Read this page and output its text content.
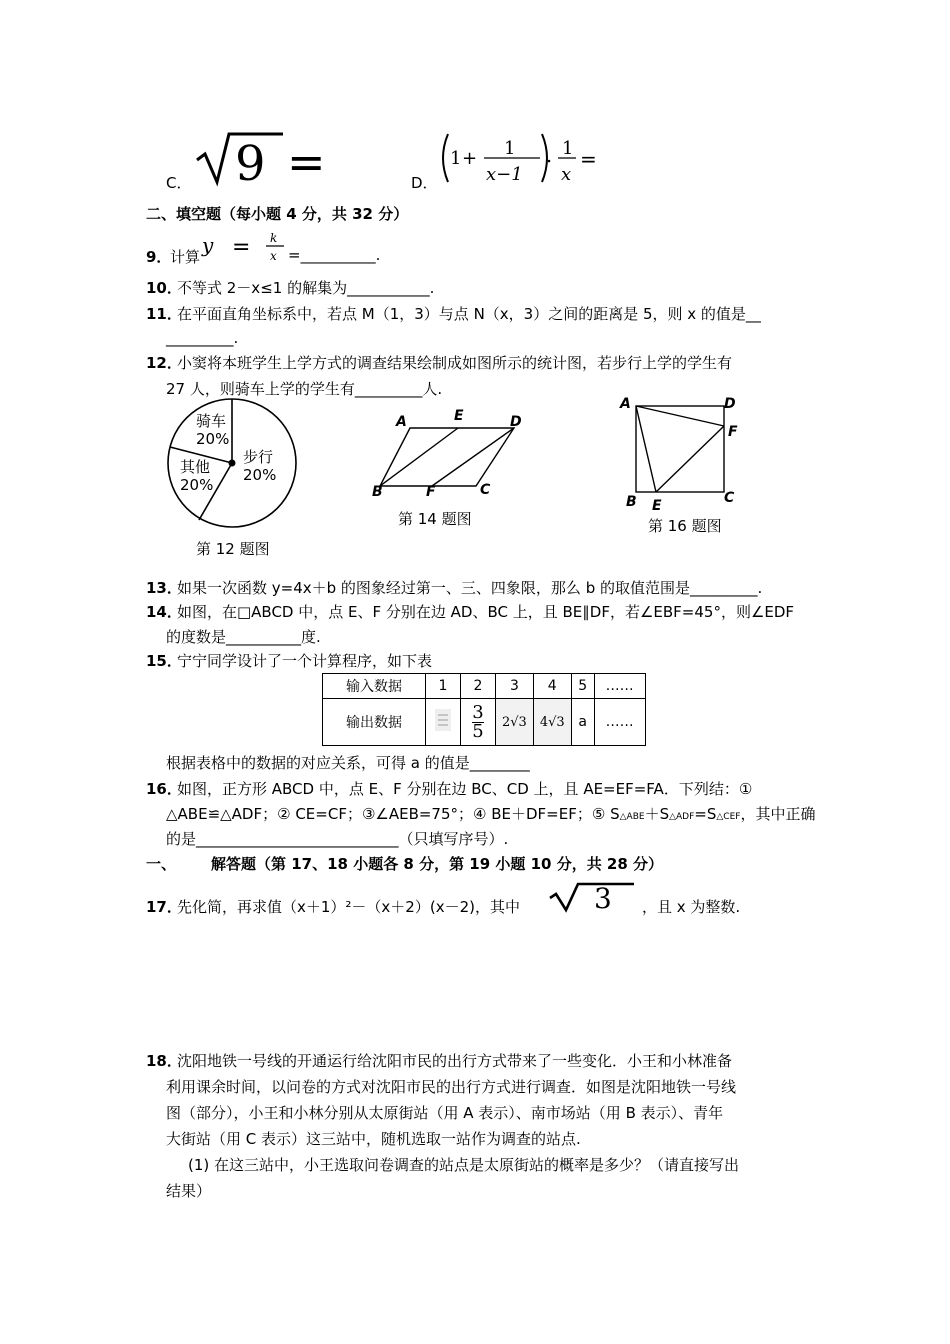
C． 9 =	D．
1 + 1
x−1
1
x
=
二、填空题（每小题 4 分，共 32 分）
9．
计算 y = k
x =__________.
10．
不等式 2－x≤1 的解集为___________.
11．
在平面直角坐标系中，若点 M（1，3）与点 N（x，3）之间的距离是 5，则 x 的值是__
_________.
12．
小窦将本班学生上学方式的调查结果绘制成如图所示的统计图，若步行上学的学生有
27 人，则骑车上学的学生有_________人.
骑车
20%
步行
20%
其他
20%
第 12 题图
A	E	D
B	F	C
第 14 题图
A	D
F
B E	C
第 16 题图
13．
如果一次函数 y=4x＋b 的图象经过第一、三、四象限，那么 b 的取值范围是_________.
14．
如图，在□ABCD 中，点 E、F 分别在边 AD、BC 上，且 BE∥DF，若∠EBF=45°，则∠EDF
的度数是__________度.
15．
宁宁同学设计了一个计算程序，如下表
输入数据	1	2	3	4	5	……
输出数据		$\frac{3}{5}$	2√3	4√3	a	……
根据表格中的数据的对应关系，可得 a 的值是________
16．
如图，正方形 ABCD 中，点 E、F 分别在边 BC、CD 上，且 AE=EF=FA．下列结：①
△ABE≌△ADF；② CE=CF；③∠AEB=75°；④ BE＋DF=EF；⑤ S△ABE＋S△ADF=S△CEF，其中正确
的是___________________________（只填写序号）.
一、 解答题（第 17、18 小题各 8 分，第 19 小题 10 分，共 28 分）
17．
先化简，再求值（x＋1）²－（x＋2）(x－2)，其中	3 ，且 x 为整数.
18．
沈阳地铁一号线的开通运行给沈阳市民的出行方式带来了一些变化．小王和小林准备
利用课余时间，以问卷的方式对沈阳市民的出行方式进行调查．如图是沈阳地铁一号线
图（部分），小王和小林分别从太原街站（用 A 表示）、南市场站（用 B 表示）、青年
大街站（用 C 表示）这三站中，随机选取一站作为调查的站点.
(1) 在这三站中，小王选取问卷调查的站点是太原街站的概率是多少？（请直接写出
结果）
